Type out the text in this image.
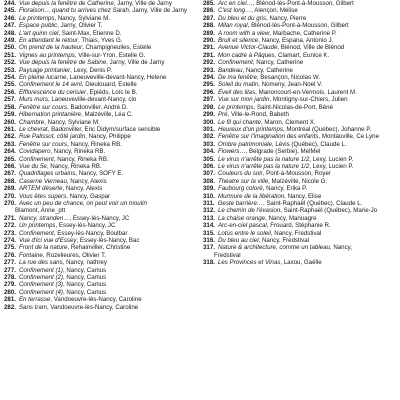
244. Vue depuis la fenêtre de Catherine, Jarny, Ville de Jarny
245. Floraison… quand tu arrives chez Sarah, Jarny, Ville de Jarny
246. Le printemps, Nancy, Sylviane M.
247. Espace public, Jarny, Olivier T.
248. L'art quinn ciel, Saint-Max, Étienne D.
249. En attendant le retour, Thiais, Yves G.
250. On prend de la hauteur, Champigneulles, Estelle
251. Vignes au printemps, Ville-sur-Yron, Estelle G.
252. Vue depuis la fenêtre de Sabine, Jarny, Ville de Jarny
253. Paysage printanier, Lexy, Denis P.
254. En pleine lucarne, Laneuveville-devant-Nancy, Helene
255. Confinement le 14 avril, Dieulouard, Estelle
256. Efflorescence du cerisier, Épiéds, Loïc le B.
257. Murs murs, Laneuveville-devant-Nancy, clo
258. Fenêtre sur cours, Badonviller, André D.
259. Hibernation printanière, Malzéville, Léa C.
260. Chambre, Nancy, Sylviane M.
261. Le chevrat, Badonviller, Eric Didym/surface sensible
262. Rue Palissot, côté jardin, Nancy, Philippe
263. Fenêtre sur cours, Nancy, Rineka RB.
264. Covidapero, Nancy, Rineka RB.
265. Confinement, Nancy, Rineka RB.
266. Vue du 5e, Nancy, Rineka RB.
267. Quadrillages urbains, Nancy, SOFY E.
268. Caserne Verneau, Nancy, Alexis
269. ARTEM déserte, Nancy, Alexis
270. Vous êtes supers, Nancy, Gaspar
270. Avec un peu de chance, on peut voir un moulin
Blamont, Anne_ptt
271. Nancy, stranden…, Essey-lès-Nancy, JC
272. Un printemps, Essey-lès-Nancy, JC
273. Confinement, Essey-lès-Nancy, Boulbar
274. Vue d'ici vue d'Essey, Essey-lès-Nancy, Bac
275. Front de la nature, Rehainviller, Christine
276. Fontaine, Rozelieures, Olivier T.
277. La rue des sans, Nancy, nathrey
277. Confinement (1), Nancy, Camus
278. Confinement (2), Nancy, Camus
279. Confinement (3), Nancy, Camus
280. Confinement (4), Nancy, Camus
281. En terrasse, Vandoeuvre-lès-Nancy, Caroline
282. Sans tram, Vandoeuvre-lès-Nancy, Caroline
285. Arc en ciel…, Blénod-lès-Pont-à-Mousson, Gilbert
286. C'est long…, Alençon, Mélise
287. Du bleu et du gris, Nancy, Pierre
288. Milan royal, Blénod-lès-Pont-à-Mousson, Gilbert
289. A room with a view, Marbache, Catherine P.
290. Bruit et silence, Nancy, Espana, Antonio J.
291. Avenue Victor-Claude, Blénod, Ville de Blénod
291. Mon cadre à Pâques, Clamart, Eunice K.
292. Confinement, Nancy, Catherine
293. Bandeau, Nancy, Catherine
294. De ma fenêtre, Besançon, Nicolas W.
295. Soleil du matin, Nomeny, Jean-Noel V.
296. Éveil des lilas, Manoncourt-en-Vermois, Laurent M.
297. Vue sur mon jardin, Montigny-sur-Chiers, Julien
298. Le printemps, Saint-Nicolas-de-Port, Béné
299. Pré, Ville-le-Rond, Babeth
300. Le fil qui chante, Maron, Clement X.
301. Heureux d'un printemps, Montréal (Québec), Johanne P.
302. Fenêtre sur l'imagination des enfants, Montauville, Ce Lyne
303. Ombre patrimoniale, Lévis (Québec), Claude L.
304. Flowers…, Belgrade (Serbie), MelMel
305. Le virus n'arrête pas la nature 1/2, Lexy, Lucien P.
306. Le virus n'arrête pas la nature 1/2, Lexy, Lucien P.
307. Couleurs du soir, Pont-à-Mousson, Royer
308. Théatre sur la ville, Malzéville, Nicole G.
309. Faubourg coloré, Nancy, Erika P.
310. Murmure de la libération, Nancy, Elise
311. Geste barrière…, Saint-Raphaël (Québec), Claude L.
312. Le chemin de l'évasion, Saint-Raphaël (Québec), Marie-Jo
313. La chaise orange, Nancy, Manuagre
314. Arc-en-ciel pascal, Frouard, Stéphanie R.
315. Lotus entre le soleil, Nancy, Fredstival
316. Du bleu au ciel, Nancy, Fredstival
317. Nature & architecture, comme un tableau, Nancy,
Fredstival
318. Les Provinces et Vinas, Laxou, Gaëlle
